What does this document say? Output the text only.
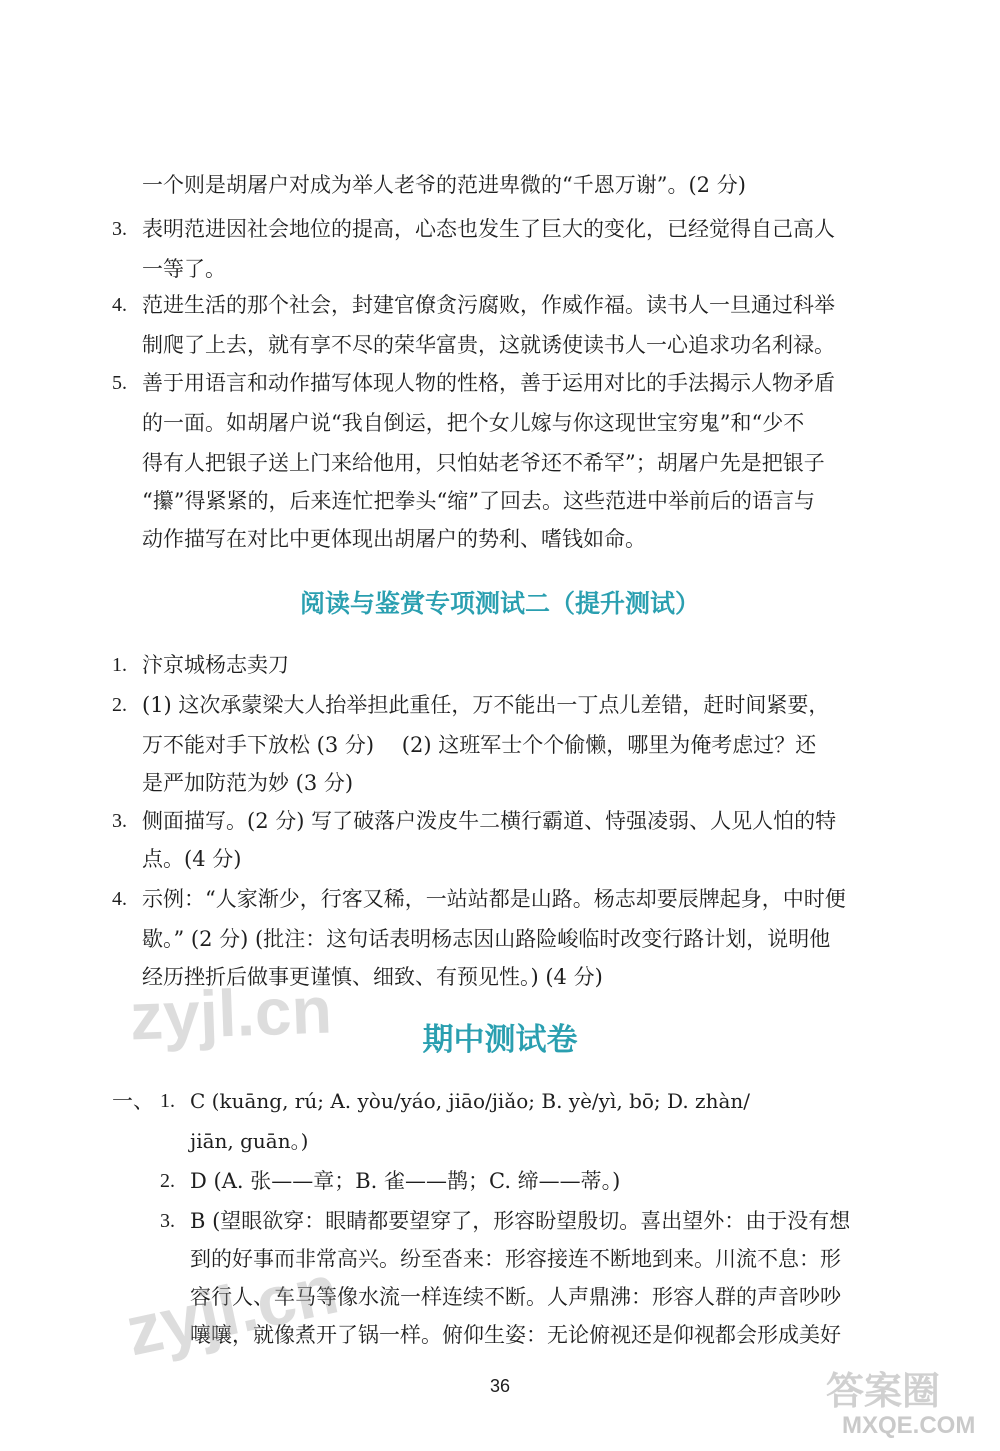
一个则是胡屠户对成为举人老爷的范进卑微的“千恩万谢”。(2 分)
3. 表明范进因社会地位的提高，心态也发生了巨大的变化，已经觉得自己高人
一等了。
4. 范进生活的那个社会，封建官僚贪污腐败，作威作福。读书人一旦通过科举
制爬了上去，就有享不尽的荣华富贵，这就诱使读书人一心追求功名利禄。
5. 善于用语言和动作描写体现人物的性格，善于运用对比的手法揭示人物矛盾
的一面。如胡屠户说“我自倒运，把个女儿嫁与你这现世宝穷鬼”和“少不
得有人把银子送上门来给他用，只怕姑老爷还不希罕”；胡屠户先是把银子
“攥”得紧紧的，后来连忙把拳头“缩”了回去。这些范进中举前后的语言与
动作描写在对比中更体现出胡屠户的势利、嗜钱如命。
阅读与鉴赏专项测试二（提升测试）
1. 汴京城杨志卖刀
2. (1) 这次承蒙梁大人抬举担此重任，万不能出一丁点儿差错，赶时间紧要，
万不能对手下放松 (3 分)　 (2) 这班军士个个偷懒，哪里为俺考虑过？还
是严加防范为妙 (3 分)
3. 侧面描写。(2 分) 写了破落户泼皮牛二横行霸道、恃强凌弱、人见人怕的特
点。(4 分)
4. 示例：“人家渐少，行客又稀，一站站都是山路。杨志却要辰牌起身，中时便
歇。” (2 分) (批注：这句话表明杨志因山路险峻临时改变行路计划，说明他
经历挫折后做事更谨慎、细致、有预见性。) (4 分)
期中测试卷
一、 1. C (kuāng, rú; A. yòu/yáo, jiāo/jiǎo; B. yè/yì, bō; D. zhàn/
jiān, guān。)
2. D (A. 张——章；B. 雀——鹊；C. 缔——蒂。)
3. B (望眼欲穿：眼睛都要望穿了，形容盼望殷切。喜出望外：由于没有想
到的好事而非常高兴。纷至沓来：形容接连不断地到来。川流不息：形
容行人、车马等像水流一样连续不断。人声鼎沸：形容人群的声音吵吵
嚷嚷，就像煮开了锅一样。俯仰生姿：无论俯视还是仰视都会形成美好
36
zyjl.cn
zyjl.cn
答案圈
MXQE.COM
